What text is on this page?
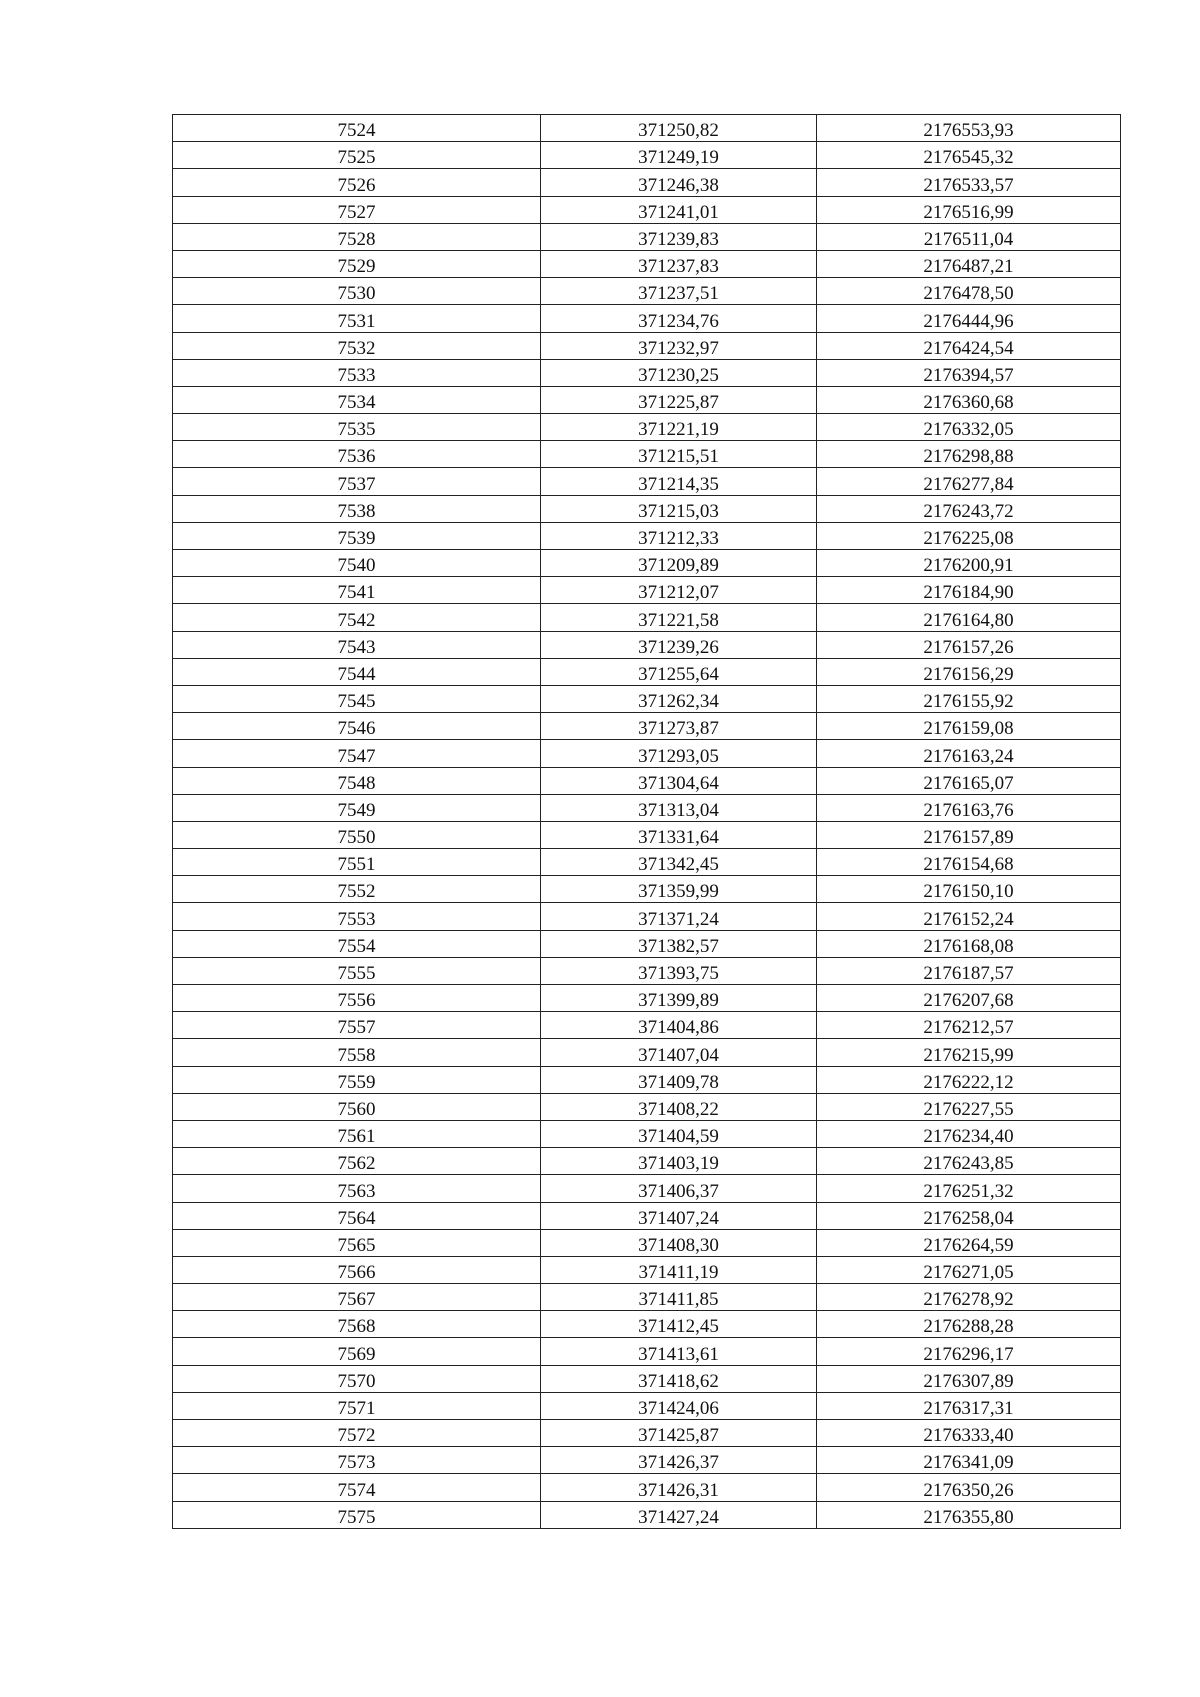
7524	371250,82	2176553,93
7525	371249,19	2176545,32
7526	371246,38	2176533,57
7527	371241,01	2176516,99
7528	371239,83	2176511,04
7529	371237,83	2176487,21
7530	371237,51	2176478,50
7531	371234,76	2176444,96
7532	371232,97	2176424,54
7533	371230,25	2176394,57
7534	371225,87	2176360,68
7535	371221,19	2176332,05
7536	371215,51	2176298,88
7537	371214,35	2176277,84
7538	371215,03	2176243,72
7539	371212,33	2176225,08
7540	371209,89	2176200,91
7541	371212,07	2176184,90
7542	371221,58	2176164,80
7543	371239,26	2176157,26
7544	371255,64	2176156,29
7545	371262,34	2176155,92
7546	371273,87	2176159,08
7547	371293,05	2176163,24
7548	371304,64	2176165,07
7549	371313,04	2176163,76
7550	371331,64	2176157,89
7551	371342,45	2176154,68
7552	371359,99	2176150,10
7553	371371,24	2176152,24
7554	371382,57	2176168,08
7555	371393,75	2176187,57
7556	371399,89	2176207,68
7557	371404,86	2176212,57
7558	371407,04	2176215,99
7559	371409,78	2176222,12
7560	371408,22	2176227,55
7561	371404,59	2176234,40
7562	371403,19	2176243,85
7563	371406,37	2176251,32
7564	371407,24	2176258,04
7565	371408,30	2176264,59
7566	371411,19	2176271,05
7567	371411,85	2176278,92
7568	371412,45	2176288,28
7569	371413,61	2176296,17
7570	371418,62	2176307,89
7571	371424,06	2176317,31
7572	371425,87	2176333,40
7573	371426,37	2176341,09
7574	371426,31	2176350,26
7575	371427,24	2176355,80
